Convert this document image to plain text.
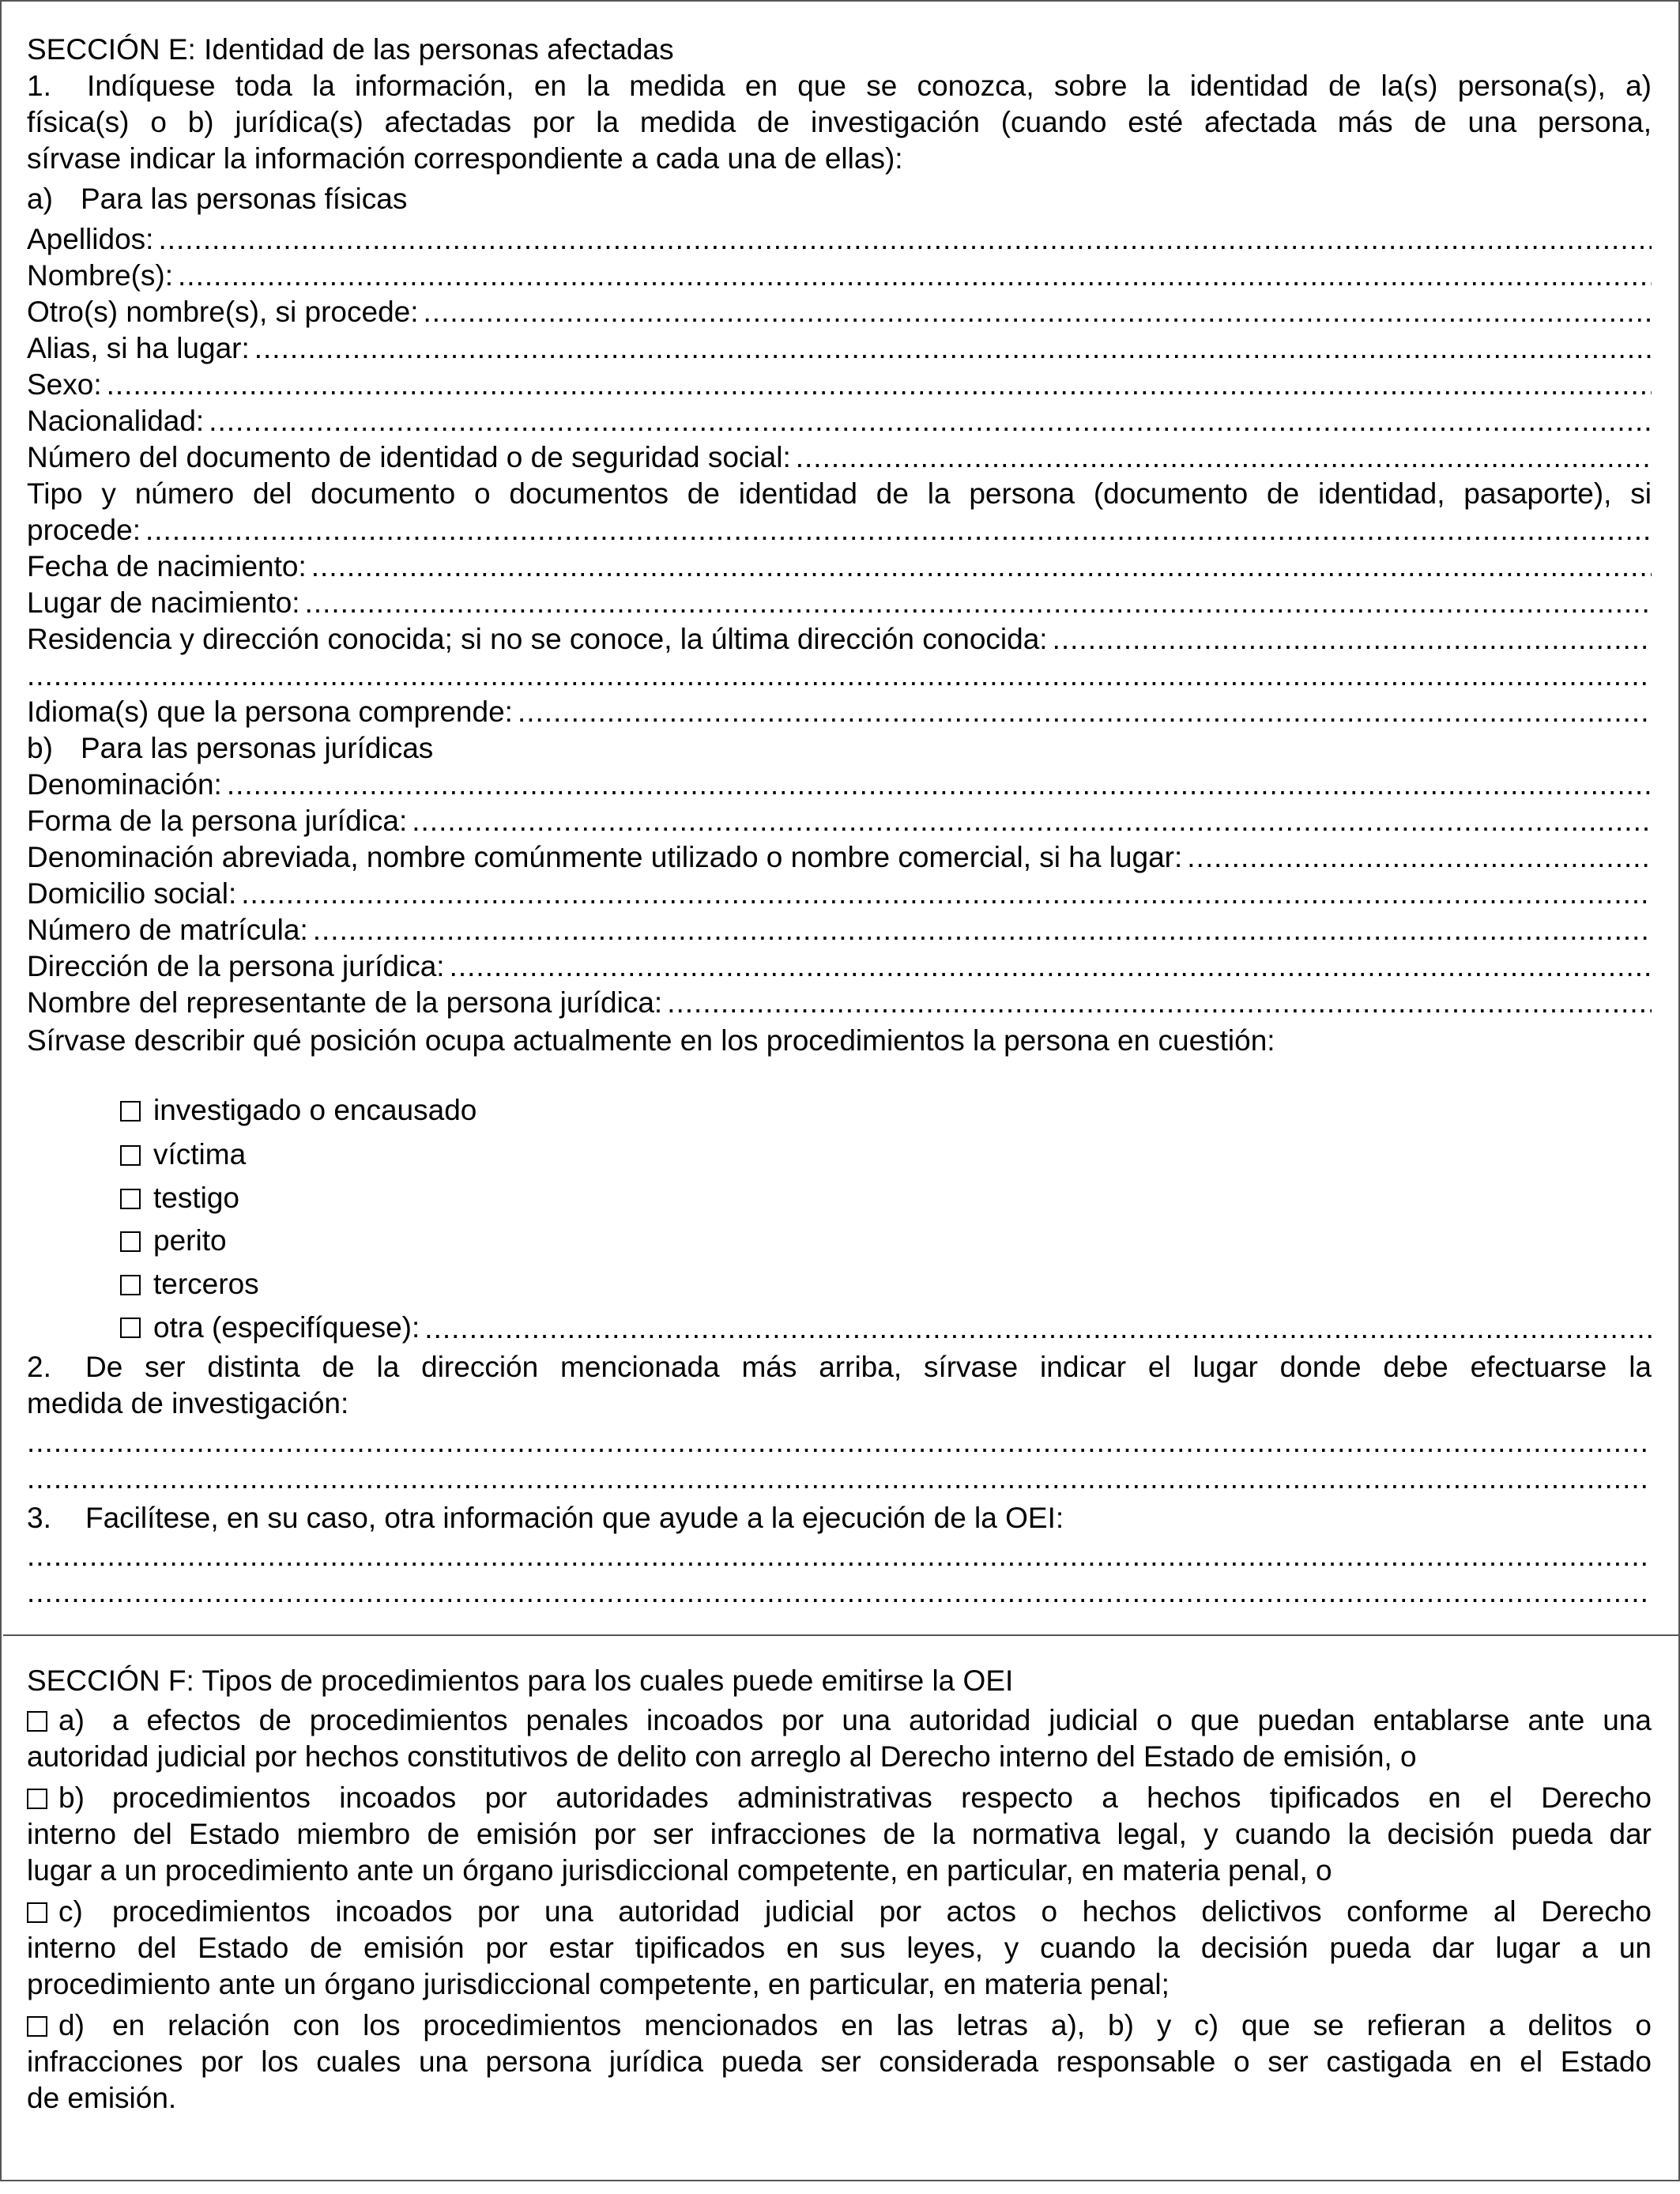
SECCIÓN E: Identidad de las personas afectadas
1. Indíquese toda la información, en la medida en que se conozca, sobre la identidad de la(s) persona(s), a)
física(s) o b) jurídica(s) afectadas por la medida de investigación (cuando esté afectada más de una persona,
sírvase indicar la información correspondiente a cada una de ellas):
a) Para las personas físicas
Apellidos:
.....
Nombre(s):
.....
Otro(s) nombre(s), si procede:
.....
Alias, si ha lugar:
.....
Sexo:
.....
Nacionalidad:
.....
Número del documento de identidad o de seguridad social:
.....
Tipo y número del documento o documentos de identidad de la persona (documento de identidad, pasaporte), si
procede:
.....
Fecha de nacimiento:
.....
Lugar de nacimiento:
.....
Residencia y dirección conocida; si no se conoce, la última dirección conocida:
.....
.....
Idioma(s) que la persona comprende:
.....
b) Para las personas jurídicas
Denominación:
.....
Forma de la persona jurídica:
.....
Denominación abreviada, nombre comúnmente utilizado o nombre comercial, si ha lugar:
.....
Domicilio social:
.....
Número de matrícula:
.....
Dirección de la persona jurídica:
.....
Nombre del representante de la persona jurídica:
.....
Sírvase describir qué posición ocupa actualmente en los procedimientos la persona en cuestión:
investigado o encausado
víctima
testigo
perito
terceros
otra (especifíquese):
.....
2. De ser distinta de la dirección mencionada más arriba, sírvase indicar el lugar donde debe efectuarse la
medida de investigación:
.....
.....
3. Facilítese, en su caso, otra información que ayude a la ejecución de la OEI:
.....
.....
SECCIÓN F: Tipos de procedimientos para los cuales puede emitirse la OEI
a) a efectos de procedimientos penales incoados por una autoridad judicial o que puedan entablarse ante una
autoridad judicial por hechos constitutivos de delito con arreglo al Derecho interno del Estado de emisión, o
b) procedimientos incoados por autoridades administrativas respecto a hechos tipificados en el Derecho
interno del Estado miembro de emisión por ser infracciones de la normativa legal, y cuando la decisión pueda dar
lugar a un procedimiento ante un órgano jurisdiccional competente, en particular, en materia penal, o
c) procedimientos incoados por una autoridad judicial por actos o hechos delictivos conforme al Derecho
interno del Estado de emisión por estar tipificados en sus leyes, y cuando la decisión pueda dar lugar a un
procedimiento ante un órgano jurisdiccional competente, en particular, en materia penal;
d) en relación con los procedimientos mencionados en las letras a), b) y c) que se refieran a delitos o
infracciones por los cuales una persona jurídica pueda ser considerada responsable o ser castigada en el Estado
de emisión.
